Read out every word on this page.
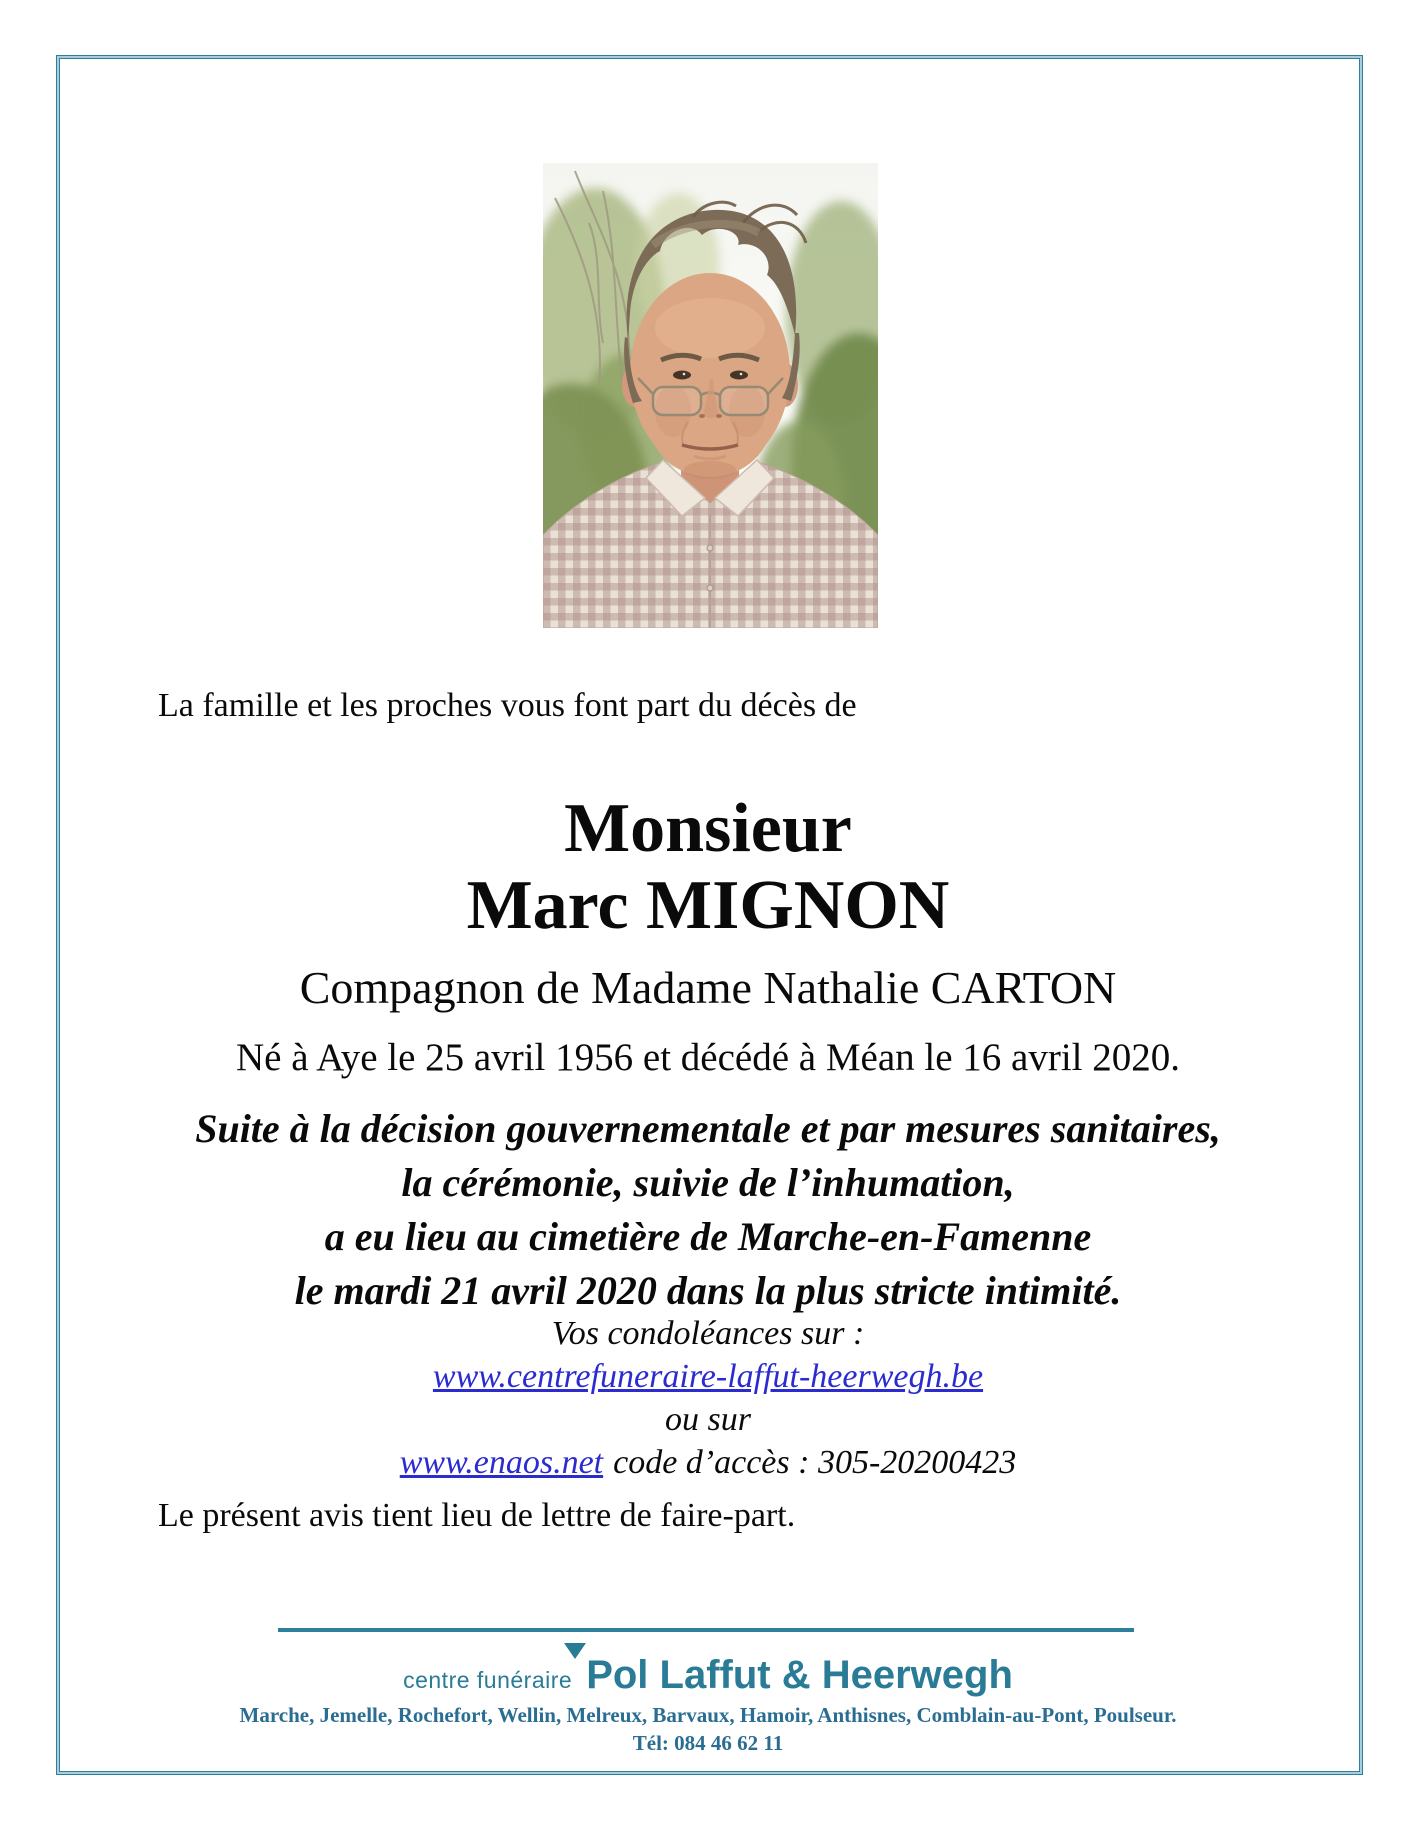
La famille et les proches vous font part du décès de
Monsieur
Marc MIGNON
Compagnon de Madame Nathalie CARTON
Né à Aye le 25 avril 1956 et décédé à Méan le 16 avril 2020.
Suite à la décision gouvernementale et par mesures sanitaires,
la cérémonie, suivie de l’inhumation,
a eu lieu au cimetière de Marche-en-Famenne
le mardi 21 avril 2020 dans la plus stricte intimité.
Vos condoléances sur :
www.centrefuneraire-laffut-heerwegh.be
ou sur
www.enaos.net code d’accès : 305-20200423
Le présent avis tient lieu de lettre de faire-part.
centre funéraire Pol Laffut & Heerwegh
Marche, Jemelle, Rochefort, Wellin, Melreux, Barvaux, Hamoir, Anthisnes, Comblain-au-Pont, Poulseur.
Tél: 084 46 62 11
